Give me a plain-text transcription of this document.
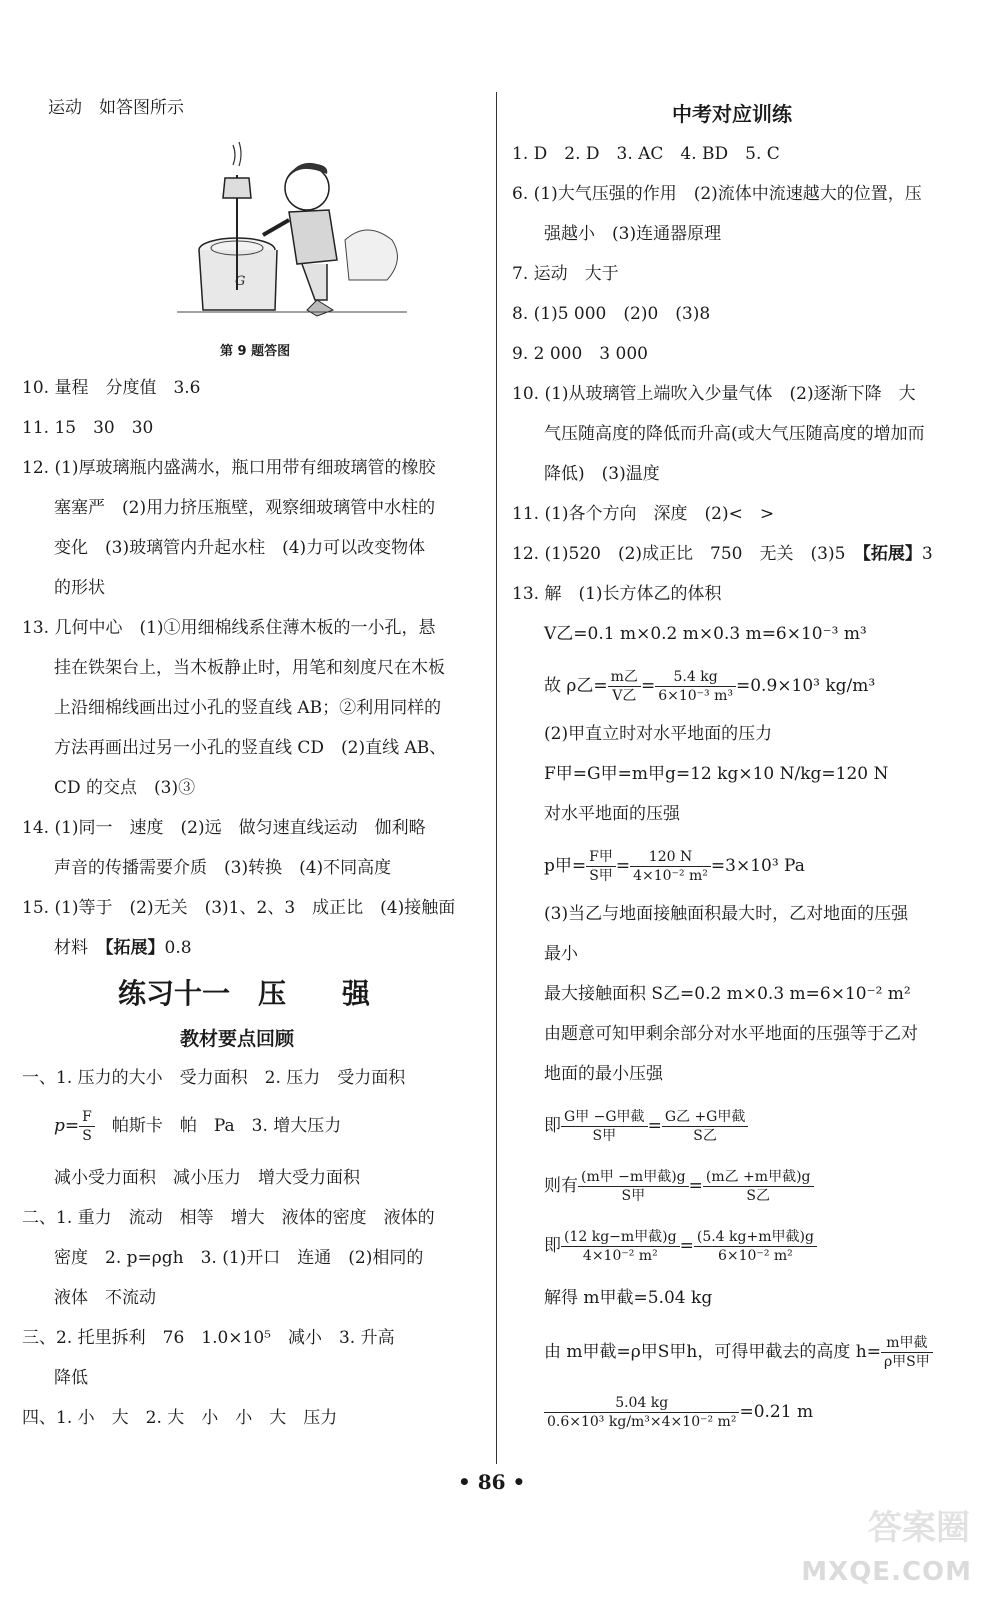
运动　如答图所示
G
第 9 题答图
10. 量程　分度值　3.6
11. 15　30　30
12. (1)厚玻璃瓶内盛满水，瓶口用带有细玻璃管的橡胶
塞塞严　(2)用力挤压瓶壁，观察细玻璃管中水柱的
变化　(3)玻璃管内升起水柱　(4)力可以改变物体
的形状
13. 几何中心　(1)①用细棉线系住薄木板的一小孔，悬
挂在铁架台上，当木板静止时，用笔和刻度尺在木板
上沿细棉线画出过小孔的竖直线 AB；②利用同样的
方法再画出过另一小孔的竖直线 CD　(2)直线 AB、
CD 的交点　(3)③
14. (1)同一　速度　(2)远　做匀速直线运动　伽利略
声音的传播需要介质　(3)转换　(4)不同高度
15. (1)等于　(2)无关　(3)1、2、3　成正比　(4)接触面
材料　【拓展】0.8
练习十一　压　　强
教材要点回顾
一、1. 压力的大小　受力面积　2. 压力　受力面积
$p= \frac{F}{S}$ 　帕斯卡　帕　Pa　3. 增大压力
减小受力面积　减小压力　增大受力面积
二、1. 重力　流动　相等　增大　液体的密度　液体的
密度　2. p=ρgh　3. (1)开口　连通　(2)相同的
液体　不流动
三、2. 托里拆利　76　1.0×10⁵　减小　3. 升高
降低
四、1. 小　大　2. 大　小　小　大　压力
中考对应训练
1. D　2. D　3. AC　4. BD　5. C
6. (1)大气压强的作用　(2)流体中流速越大的位置，压
强越小　(3)连通器原理
7. 运动　大于
8. (1)5 000　(2)0　(3)8
9. 2 000　3 000
10. (1)从玻璃管上端吹入少量气体　(2)逐渐下降　大
气压随高度的降低而升高(或大气压随高度的增加而
降低)　(3)温度
11. (1)各个方向　深度　(2)<　>
12. (1)520　(2)成正比　750　无关　(3)5　【拓展】3
13. 解　(1)长方体乙的体积
V乙=0.1 m×0.2 m×0.3 m=6×10⁻³ m³
故 ρ乙= $\frac{\text{m乙}}{\text{V乙}} = \frac{5.4 kg}{\text{6×10⁻³ m³}} =0.9\times 10^3$ kg/m³
(2)甲直立时对水平地面的压力
F甲=G甲=m甲g=12 kg×10 N/kg=120 N
对水平地面的压强
p甲= $\frac{\text{F甲}}{\text{S甲}} = \frac{120 N}{\text{4×10⁻² m²}} =3\times 10^3$ Pa
(3)当乙与地面接触面积最大时，乙对地面的压强
最小
最大接触面积 S乙=0.2 m×0.3 m=6×10⁻² m²
由题意可知甲剩余部分对水平地面的压强等于乙对
地面的最小压强
即 $\frac{\text{G甲 −G甲截}}{\text{S甲}} = \frac{\text{G乙 +G甲截}}{\text{S乙}}$
则有 $\frac{\text{(m甲 −m甲截)g}}{\text{S甲}} = \frac{\text{(m乙 +m甲截)g}}{\text{S乙}}$
即 $\frac{\text{(12 kg−m甲截)g}}{\text{4×10⁻² m²}} = \frac{\text{(5.4 kg+m甲截)g}}{\text{6×10⁻² m²}}$
解得 m甲截=5.04 kg
由 m甲截=ρ甲S甲h，可得甲截去的高度 $h= \frac{\text{m甲截}}{\text{ρ甲S甲}}$
$\frac{5.04 kg}{\text{0.6×10³ kg/m³×4×10⁻² m²}} =0.21$ m
• 86 •
答案圈
MXQE.COM
